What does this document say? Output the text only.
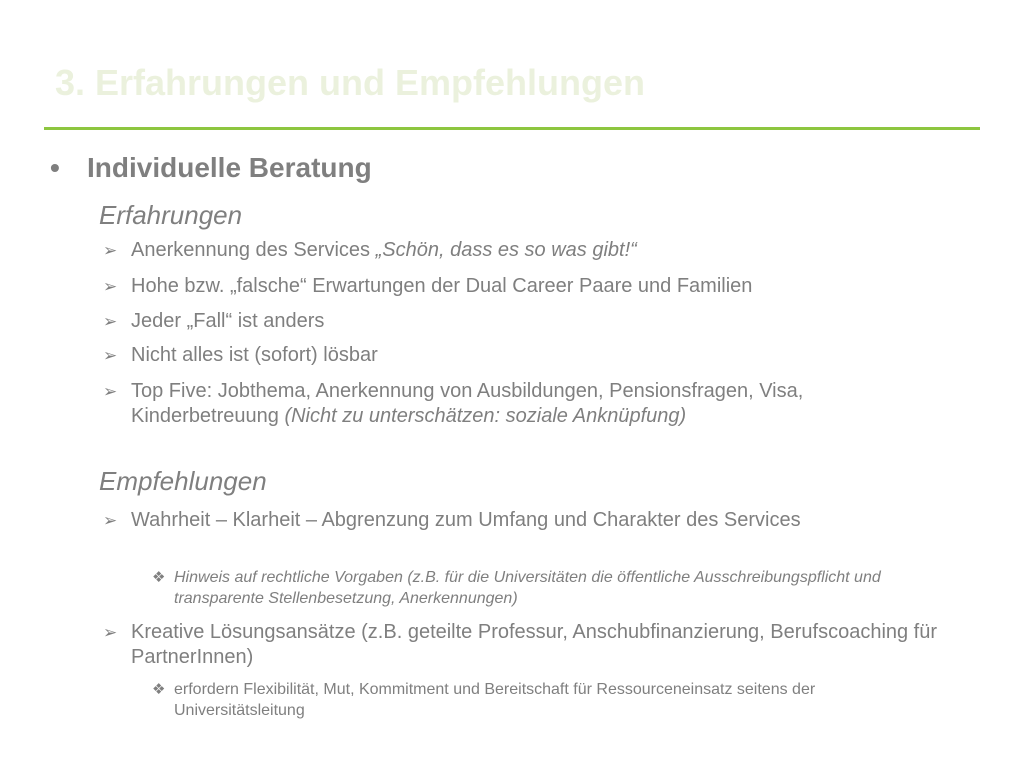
3. Erfahrungen und Empfehlungen
• Individuelle Beratung
Erfahrungen
➢ Anerkennung des Services „Schön, dass es so was gibt!“
➢ Hohe bzw. „falsche“ Erwartungen der Dual Career Paare und Familien
➢ Jeder „Fall“ ist anders
➢ Nicht alles ist (sofort) lösbar
➢ Top Five: Jobthema, Anerkennung von Ausbildungen, Pensionsfragen, Visa, Kinderbetreuung (Nicht zu unterschätzen: soziale Anknüpfung)
Empfehlungen
➢ Wahrheit – Klarheit – Abgrenzung zum Umfang und Charakter des Services
❖ Hinweis auf rechtliche Vorgaben (z.B. für die Universitäten die öffentliche Ausschreibungspflicht und transparente Stellenbesetzung, Anerkennungen)
➢ Kreative Lösungsansätze (z.B. geteilte Professur, Anschubfinanzierung, Berufscoaching für PartnerInnen)
❖ erfordern Flexibilität, Mut, Kommitment und Bereitschaft für Ressourceneinsatz seitens der Universitätsleitung
